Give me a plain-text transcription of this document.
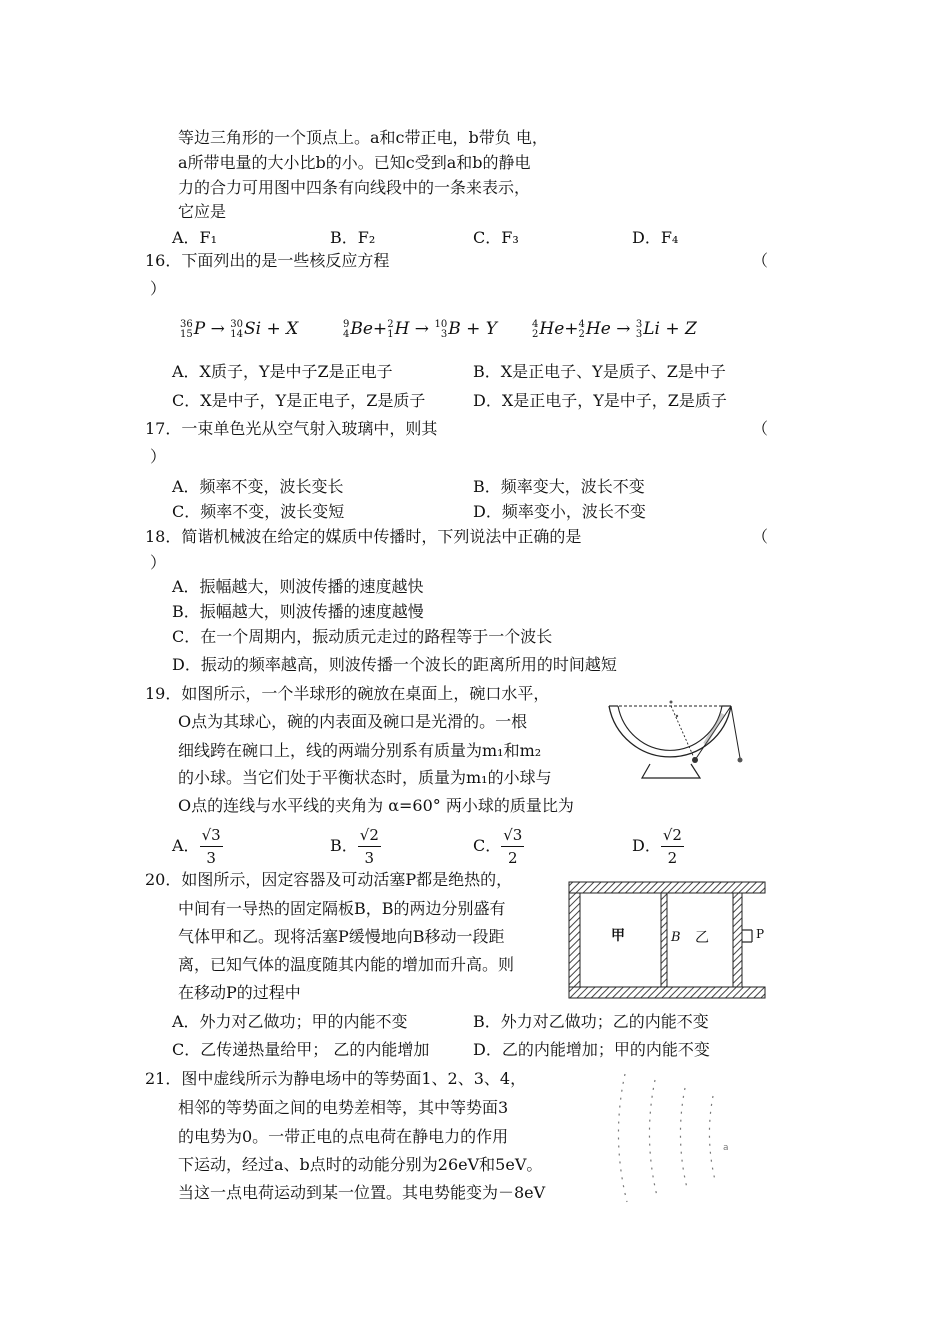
等边三角形的一个顶点上。a和c带正电，b带负 电，
a所带电量的大小比b的小。已知c受到a和b的静电
力的合力可用图中四条有向线段中的一条来表示，
它应是
A．F₁	B．F₂	C．F₃	D．F₄
16．下面列出的是一些核反应方程	（
）
36
15 P → 30
14 Si + X	9
4 Be+ 2
1 H → 10
3 B + Y	4
2 He+ 4
2 He → 3
3 Li + Z
A．X质子，Y是中子Z是正电子	B．X是正电子、Y是质子、Z是中子
C．X是中子，Y是正电子，Z是质子	D．X是正电子，Y是中子，Z是质子
17．一束单色光从空气射入玻璃中，则其	（
）
A．频率不变，波长变长	B．频率变大，波长不变
C．频率不变，波长变短	D．频率变小，波长不变
18．简谐机械波在给定的媒质中传播时，下列说法中正确的是	（
）
A．振幅越大，则波传播的速度越快
B．振幅越大，则波传播的速度越慢
C．在一个周期内，振动质元走过的路程等于一个波长
D．振动的频率越高，则波传播一个波长的距离所用的时间越短
19．如图所示，一个半球形的碗放在桌面上，碗口水平，
O点为其球心，碗的内表面及碗口是光滑的。一根
细线跨在碗口上，线的两端分别系有质量为m₁和m₂
的小球。当它们处于平衡状态时，质量为m₁的小球与
O点的连线与水平线的夹角为 α=60° 两小球的质量比为
A． $\frac{√3}{3}$	B． $\frac{√2}{3}$	C． $\frac{√3}{2}$	D． $\frac{√2}{2}$
20．如图所示，因定容器及可动活塞P都是绝热的，
中间有一导热的固定隔板B，B的两边分别盛有
气体甲和乙。现将活塞P缓慢地向B移动一段距
离，已知气体的温度随其内能的增加而升高。则
在移动P的过程中
A．外力对乙做功；甲的内能不变	B．外力对乙做功；乙的内能不变
C．乙传递热量给甲； 乙的内能增加	D．乙的内能增加；甲的内能不变
甲	B 乙	P
21．图中虚线所示为静电场中的等势面1、2、3、4，
相邻的等势面之间的电势差相等，其中等势面3
的电势为0。一带正电的点电荷在静电力的作用
下运动，经过a、b点时的动能分别为26eV和5eV。
当这一点电荷运动到某一位置。其电势能变为－8eV
a
